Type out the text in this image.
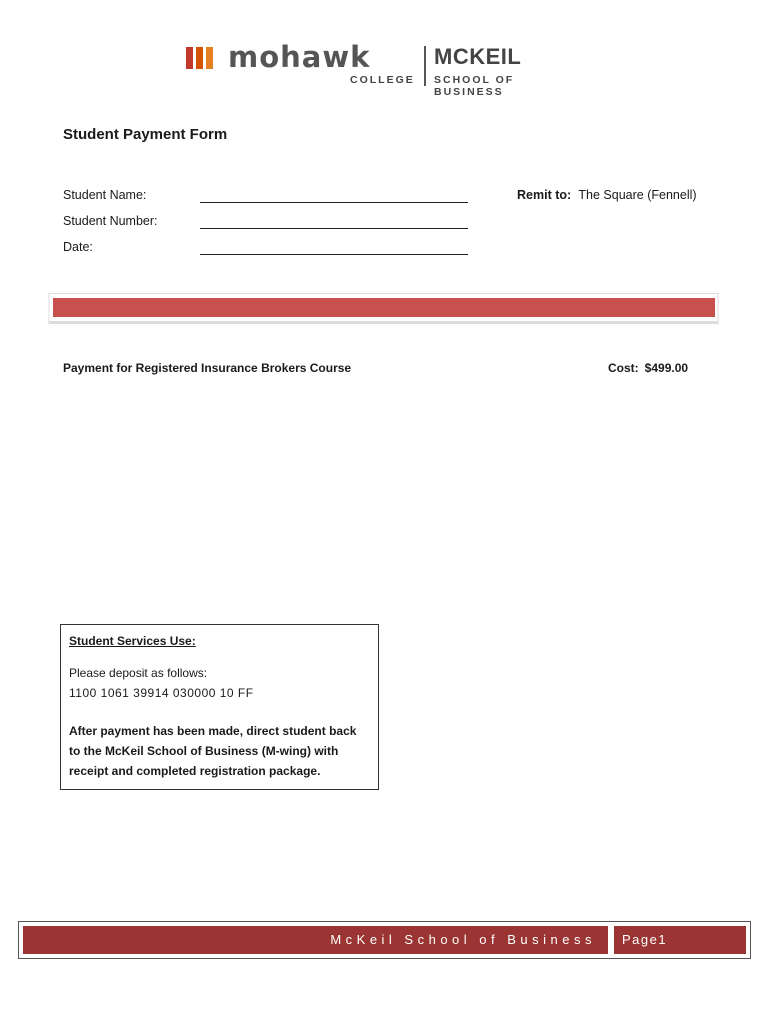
mohawk
COLLEGE
MCKEIL
SCHOOL OF BUSINESS
Student Payment Form
Student Name:
Student Number:
Date:
Remit to: The Square (Fennell)
Payment for Registered Insurance Brokers Course	Cost: $499.00
Student Services Use:
Please deposit as follows:
1100 1061 39914 030000 10 FF
After payment has been made, direct student back to the McKeil School of Business (M-wing) with receipt and completed registration package.
McKeil School of Business Page1
